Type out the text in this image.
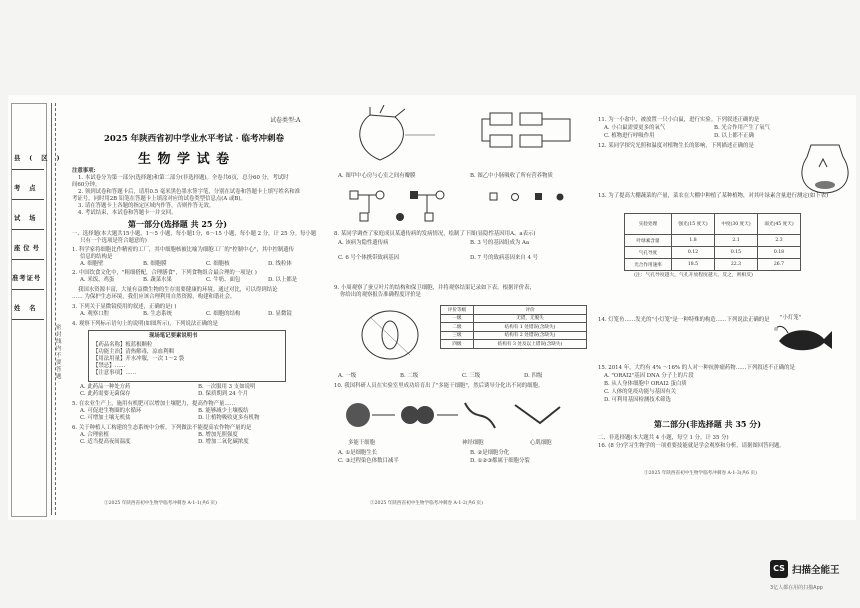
县(区)
考点
试场
座位号
准考证号
姓名
密封线内不要答题
试卷类型:A
2025 年陕西省初中学业水平考试 · 临考冲刺卷
生 物 学 试 卷
注意事项:
1. 本试卷分为第一部分(选择题)和第二部分(非选择题)。全卷共6页，总分60 分，考试时
间60分钟。
2. 领到试卷和答题卡后，请用0.5 毫米黑色墨水签字笔，分别在试卷和答题卡上填写姓名和准
考证号，同时用2B 铅笔在答题卡上填涂对应的试卷类型信息点(A 或B)。
3. 请在答题卡上各题的指定区域内作答，否则作答无效。
4. 考试结束，本试卷和答题卡一并交回。
第一部分(选择题 共 25 分)
一、选择题(本大题共15小题，1～5 小题，每小题1分，6～15 小题，每小题 2 分，计 25 分。每小题
只有一个选项是符合题意的)
1. 科学家将细胞比作精密的工厂，其中细胞核被比喻为细胞工厂的"控制中心"，其中控制遗传
信息的结构是
A. 细胞壁	B. 细胞膜	C. 细胞核	D. 线粒体
2. 中国饮食文化中，"粗细搭配，合理膳食"，下列食物组合最合理的一项是( )
A. 米饭、鸡蛋	B. 蔬菜水果	C. 牛奶、面包	D. 以上都是
我国水资源丰富，大量有益微生物的生存需要健康的环境。通过对比，可以得到结论
…… 为保护生态环境，我们应该合理利用自然资源，构建和谐社会。
3. 下列关于显微镜使用的叙述，正确的是( )
A. 观察口腔	B. 生态系统	C. 细胞的结构	D. 显微镜
4. 观察下列标示语句上的说明(如图所示)，下列说法正确的是
现场笔记要素说明书
【药品名称】板蓝根颗粒
【功能主治】清热解毒，凉血利咽
【用法用量】开水冲服，一次 1～2 袋
【禁忌】……
【注意事项】……
A. 此药品一种处方药	B. 一次服用 3 支如说明
C. 此药需要无菌保存	D. 保质期到 24 个月
5. 在农业生产上，施用有机肥可以增加土壤肥力，提高作物产量……
A. 可促进生物圈的水循环	B. 能够减少土壤板结
C. 可增加土壤无机盐	D. 让植物吸收更多有机物
6. 关于种植人工构建的生态系统中分析，下列做法不能提高农作物产量的是
A. 合理密植	B. 增加光照强度
C. 适当提高夜间温度	D. 增加二氧化碳浓度
①2025 年陕西省初中生物学临考冲刺卷 A-1-1(共6 页)
A. 图甲中心房与心室之间有瓣膜	B. 图乙中小肠吸收了所有营养物质
8. 某同学调查了家庭成员某遗传病的发病情况，绘制了下图(显隐性基因用A、a表示)
A. 该病为隐性遗传病	B. 3 号的基因组成为 Aa
C. 6 号个体携带致病基因	D. 7 号的致病基因来自 4 号
9. 小周观察了蚕豆叶片的结构和保卫细胞，并将观察结果记录如下表。根据评价表，
你给出的观察报告准确程度评价是
评价等级	评价
一级	无错，无脱失
二级	结构有 1 处错误(含缺失)
三级	结构有 2 处错误(含缺失)
四级	结构有 3 处及以上错误(含缺失)
A. 一级	B. 二级	C. 三级	D. 四级
10. 我国科研人员在实验室里成功培育出了"多能干细胞"，然后诱导分化出不同的细胞。
多能干细胞	神经细胞	心肌细胞
A. ①是细胞生长	B. ②是细胞分化
C. ③过程染色体数目减半	D. ①②③都属于细胞分裂
②2025 年陕西省初中生物学临考冲刺卷 A-1-2(共6 页)
11. 为一小盆中，被放置一只小白鼠，进行实验。下列叙述正确的是
A. 小白鼠需要更多的氧气	B. 光合作用产生了氧气
C. 植物进行呼吸作用	D. 以上都不正确
12. 某同学探究光照和温度对植物生长的影响，下列描述正确的是
13. 为了提高大棚蔬菜的产量，菜农在大棚中种植了某种植物，对其叶绿素含量进行测定(如下表)
实验处理	强光(15 度天)	中度(30 度天)	弱光(45 度天)
叶绿素含量	1.8	2.1	2.3
气孔导度	0.12	0.15	0.18
光合作用速率	18.5	22.3	26.7
(注：气孔导度越大，气孔开放程度越大，反之，则相反)
14. 灯笼鱼……发光的"小灯笼"是一种特殊的构造……下列说法正确的是 "小灯笼"
15. 2014 年，大约有 4% ～16% 的人对一种抗肿瘤药物……下列叙述不正确的是
A. "ORAI2"基因 DNA 分子上的片段
B. 从人身体细胞中 ORAI2 蛋白质
C. 人体的免疫功能与基因有关
D. 可利用基因检测技术筛选
第二部分(非选择题 共 35 分)
二、非选择题(本大题共 4 小题，每空 1 分，计 35 分)
16. (8 分)学习生物学的一项重要技能就是学会观察和分析，请据图回答问题。
③2025 年陕西省初中生物学临考冲刺卷 A-1-3(共6 页)
CS 扫描全能王
3亿人都在用的扫描App
